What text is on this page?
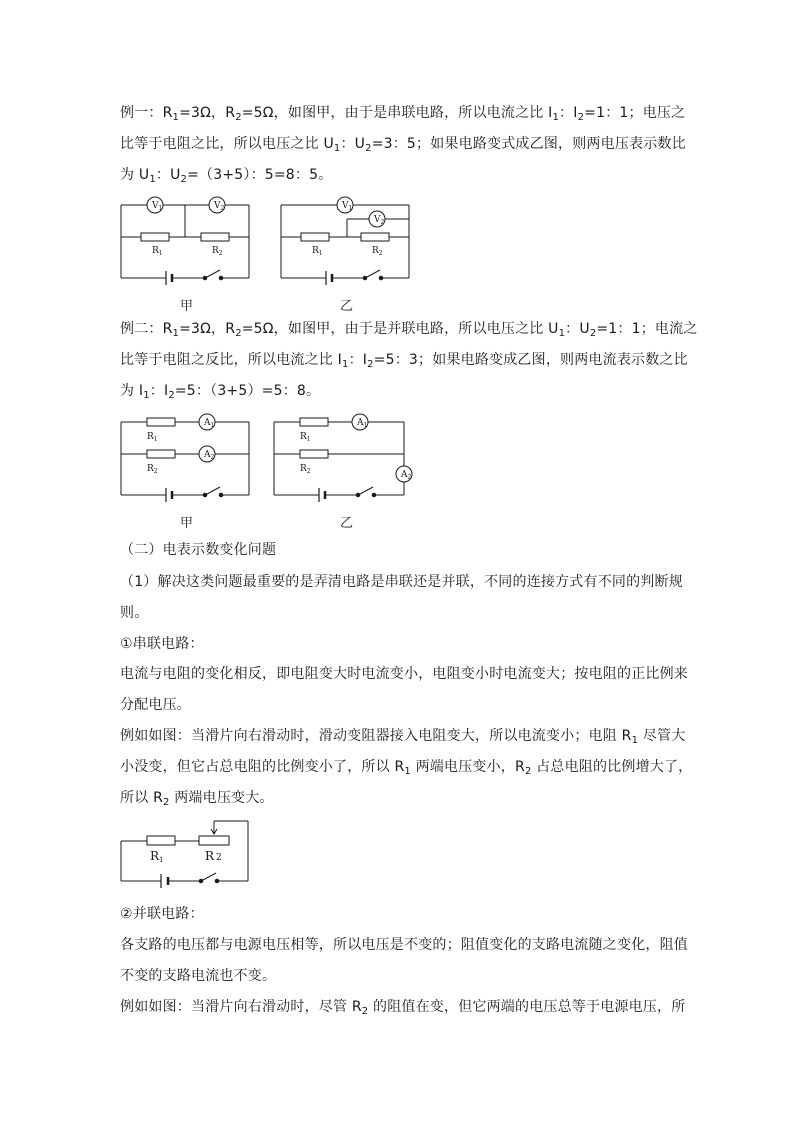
例一：$R_1=3\Omega$，$R_2=5\Omega$，如图甲，由于是串联电路，所以电流之比 $I_1$：$I_2=1$：1；电压之
比等于电阻之比，所以电压之比 $U_1$：$U_2=3$：5；如果电路变式成乙图，则两电压表示数比
为 $U_1$：$U_2=(3+5)$：5=8：5。
$V_1$	$V_2$
$R_1$	$R_2$
甲
$V_1$
$V_2$
$R_1$	$R_2$
乙
例二：$R_1=3\Omega$，$R_2=5\Omega$，如图甲，由于是并联电路，所以电压之比 $U_1$：$U_2=1$：1；电流之
比等于电阻之反比，所以电流之比 $I_1$：$I_2=5$：3；如果电路变成乙图，则两电流表示数之比
为 $I_1$：$I_2=5$：（3+5）=5：8。
$A_1$
$A_2$
$R_1$
$R_2$
甲
$A_1$
$A_2$
$R_1$
$R_2$
乙
（二）电表示数变化问题
（1）解决这类问题最重要的是弄清电路是串联还是并联，不同的连接方式有不同的判断规
则。
①串联电路：
电流与电阻的变化相反，即电阻变大时电流变小，电阻变小时电流变大；按电阻的正比例来
分配电压。
例如如图：当滑片向右滑动时，滑动变阻器接入电阻变大，所以电流变小；电阻 $R_1$ 尽管大
小没变，但它占总电阻的比例变小了，所以 $R_1$ 两端电压变小，$R_2$ 占总电阻的比例增大了，
所以 $R_2$ 两端电压变大。
R1	R 2
②并联电路：
各支路的电压都与电源电压相等，所以电压是不变的；阻值变化的支路电流随之变化，阻值
不变的支路电流也不变。
例如如图：当滑片向右滑动时，尽管 $R_2$ 的阻值在变，但它两端的电压总等于电源电压，所
